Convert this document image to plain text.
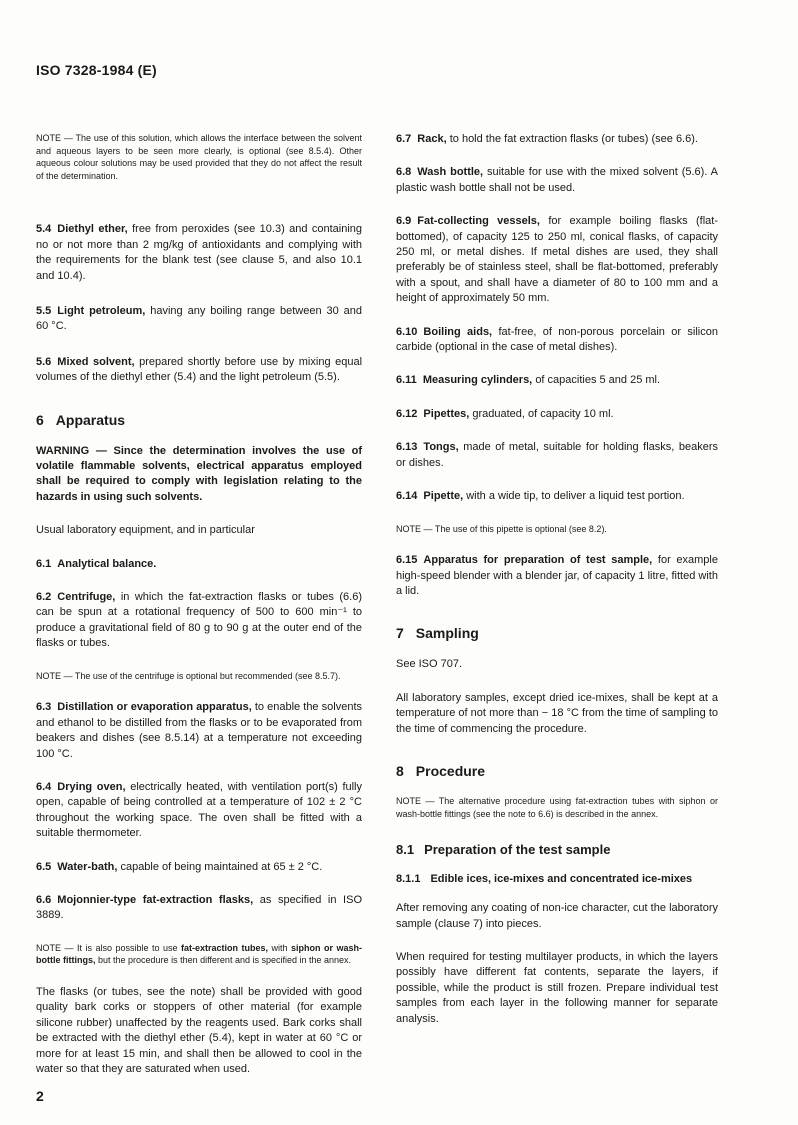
ISO 7328-1984 (E)

NOTE — The use of this solution, which allows the interface between the solvent and aqueous layers to be seen more clearly, is optional (see 8.5.4). Other aqueous colour solutions may be used provided that they do not affect the result of the determination.

5.4 Diethyl ether, free from peroxides (see 10.3) and containing no or not more than 2 mg/kg of antioxidants and complying with the requirements for the blank test (see clause 5, and also 10.1 and 10.4).

5.5 Light petroleum, having any boiling range between 30 and 60 °C.

5.6 Mixed solvent, prepared shortly before use by mixing equal volumes of the diethyl ether (5.4) and the light petroleum (5.5).

6 Apparatus

WARNING — Since the determination involves the use of volatile flammable solvents, electrical apparatus employed shall be required to comply with legislation relating to the hazards in using such solvents.

Usual laboratory equipment, and in particular

6.1 Analytical balance.

6.2 Centrifuge, in which the fat-extraction flasks or tubes (6.6) can be spun at a rotational frequency of 500 to 600 min⁻¹ to produce a gravitational field of 80 g to 90 g at the outer end of the flasks or tubes.

NOTE — The use of the centrifuge is optional but recommended (see 8.5.7).

6.3 Distillation or evaporation apparatus, to enable the solvents and ethanol to be distilled from the flasks or to be evaporated from beakers and dishes (see 8.5.14) at a temperature not exceeding 100 °C.

6.4 Drying oven, electrically heated, with ventilation port(s) fully open, capable of being controlled at a temperature of 102 ± 2 °C throughout the working space. The oven shall be fitted with a suitable thermometer.

6.5 Water-bath, capable of being maintained at 65 ± 2 °C.

6.6 Mojonnier-type fat-extraction flasks, as specified in ISO 3889.

NOTE — It is also possible to use fat-extraction tubes, with siphon or wash-bottle fittings, but the procedure is then different and is specified in the annex.

The flasks (or tubes, see the note) shall be provided with good quality bark corks or stoppers of other material (for example silicone rubber) unaffected by the reagents used. Bark corks shall be extracted with the diethyl ether (5.4), kept in water at 60 °C or more for at least 15 min, and shall then be allowed to cool in the water so that they are saturated when used.

6.7 Rack, to hold the fat extraction flasks (or tubes) (see 6.6).

6.8 Wash bottle, suitable for use with the mixed solvent (5.6). A plastic wash bottle shall not be used.

6.9 Fat-collecting vessels, for example boiling flasks (flat-bottomed), of capacity 125 to 250 ml, conical flasks, of capacity 250 ml, or metal dishes. If metal dishes are used, they shall preferably be of stainless steel, shall be flat-bottomed, preferably with a spout, and shall have a diameter of 80 to 100 mm and a height of approximately 50 mm.

6.10 Boiling aids, fat-free, of non-porous porcelain or silicon carbide (optional in the case of metal dishes).

6.11 Measuring cylinders, of capacities 5 and 25 ml.

6.12 Pipettes, graduated, of capacity 10 ml.

6.13 Tongs, made of metal, suitable for holding flasks, beakers or dishes.

6.14 Pipette, with a wide tip, to deliver a liquid test portion.

NOTE — The use of this pipette is optional (see 8.2).

6.15 Apparatus for preparation of test sample, for example high-speed blender with a blender jar, of capacity 1 litre, fitted with a lid.

7 Sampling

See ISO 707.

All laboratory samples, except dried ice-mixes, shall be kept at a temperature of not more than − 18 °C from the time of sampling to the time of commencing the procedure.

8 Procedure

NOTE — The alternative procedure using fat-extraction tubes with siphon or wash-bottle fittings (see the note to 6.6) is described in the annex.

8.1 Preparation of the test sample
8.1.1 Edible ices, ice-mixes and concentrated ice-mixes

After removing any coating of non-ice character, cut the laboratory sample (clause 7) into pieces.

When required for testing multilayer products, in which the layers possibly have different fat contents, separate the layers, if possible, while the product is still frozen. Prepare individual test samples from each layer in the following manner for separate analysis.

2
